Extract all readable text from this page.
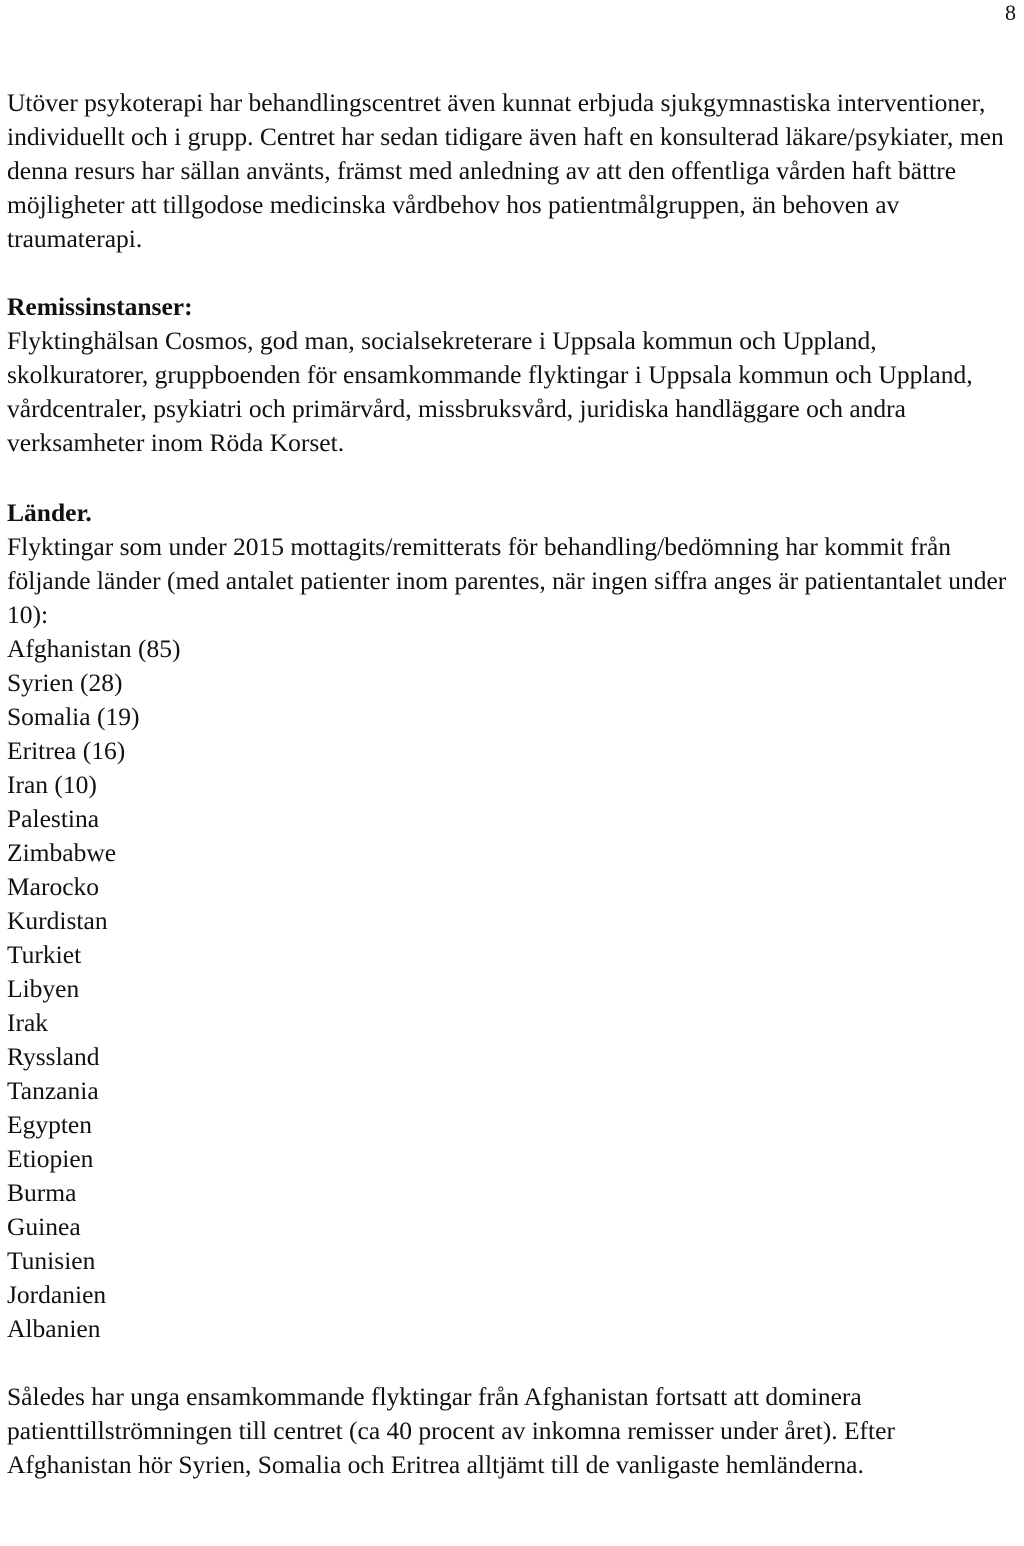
8

Utöver psykoterapi har behandlingscentret även kunnat erbjuda sjukgymnastiska interventioner, individuellt och i grupp. Centret har sedan tidigare även haft en konsulterad läkare/psykiater, men denna resurs har sällan använts, främst med anledning av att den offentliga vården haft bättre möjligheter att tillgodose medicinska vårdbehov hos patientmålgruppen, än behoven av traumaterapi.

Remissinstanser:

Flyktinghälsan Cosmos, god man, socialsekreterare i Uppsala kommun och Uppland, skolkuratorer, gruppboenden för ensamkommande flyktingar i Uppsala kommun och Uppland, vårdcentraler, psykiatri och primärvård, missbruksvård, juridiska handläggare och andra verksamheter inom Röda Korset.

Länder.

Flyktingar som under 2015 mottagits/remitterats för behandling/bedömning har kommit från följande länder (med antalet patienter inom parentes, när ingen siffra anges är patientantalet under 10):

Afghanistan (85)
Syrien (28)
Somalia (19)
Eritrea (16)
Iran (10)
Palestina
Zimbabwe
Marocko
Kurdistan
Turkiet
Libyen
Irak
Ryssland
Tanzania
Egypten
Etiopien
Burma
Guinea
Tunisien
Jordanien
Albanien

Således har unga ensamkommande flyktingar från Afghanistan fortsatt att dominera patienttillströmningen till centret (ca 40 procent av inkomna remisser under året). Efter Afghanistan hör Syrien, Somalia och Eritrea alltjämt till de vanligaste hemländerna.
